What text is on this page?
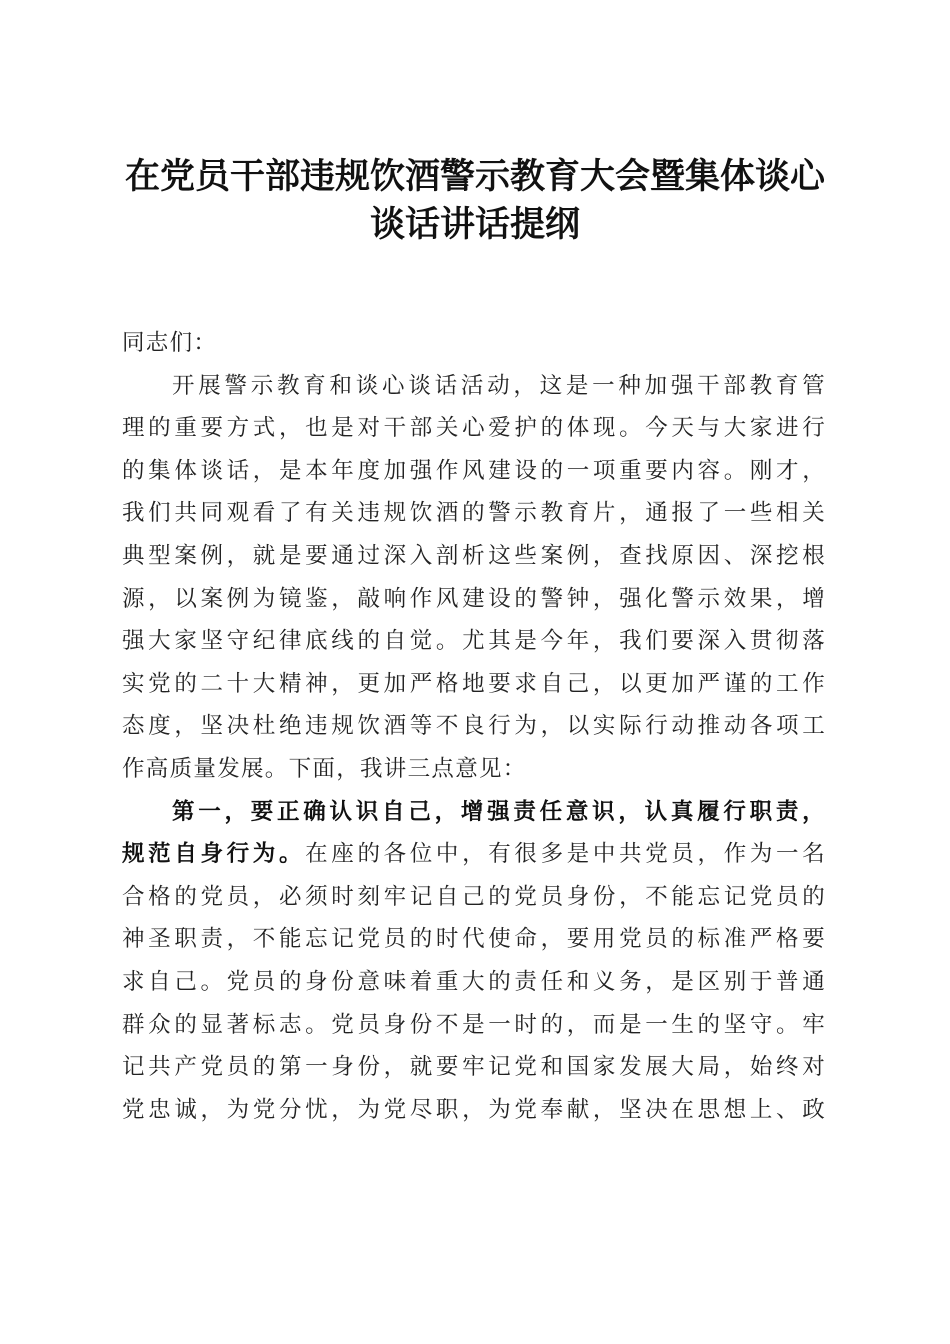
在党员干部违规饮酒警示教育大会暨集体谈心
谈话讲话提纲
同志们：
开展警示教育和谈心谈话活动，这是一种加强干部教育管
理的重要方式，也是对干部关心爱护的体现。今天与大家进行
的集体谈话，是本年度加强作风建设的一项重要内容。刚才，
我们共同观看了有关违规饮酒的警示教育片，通报了一些相关
典型案例，就是要通过深入剖析这些案例，查找原因、深挖根
源，以案例为镜鉴，敲响作风建设的警钟，强化警示效果，增
强大家坚守纪律底线的自觉。尤其是今年，我们要深入贯彻落
实党的二十大精神，更加严格地要求自己，以更加严谨的工作
态度，坚决杜绝违规饮酒等不良行为，以实际行动推动各项工
作高质量发展。下面，我讲三点意见：
第一，要正确认识自己，增强责任意识，认真履行职责，
规范自身行为。在座的各位中，有很多是中共党员，作为一名
合格的党员，必须时刻牢记自己的党员身份，不能忘记党员的
神圣职责，不能忘记党员的时代使命，要用党员的标准严格要
求自己。党员的身份意味着重大的责任和义务，是区别于普通
群众的显著标志。党员身份不是一时的，而是一生的坚守。牢
记共产党员的第一身份，就要牢记党和国家发展大局，始终对
党忠诚，为党分忧，为党尽职，为党奉献，坚决在思想上、政
